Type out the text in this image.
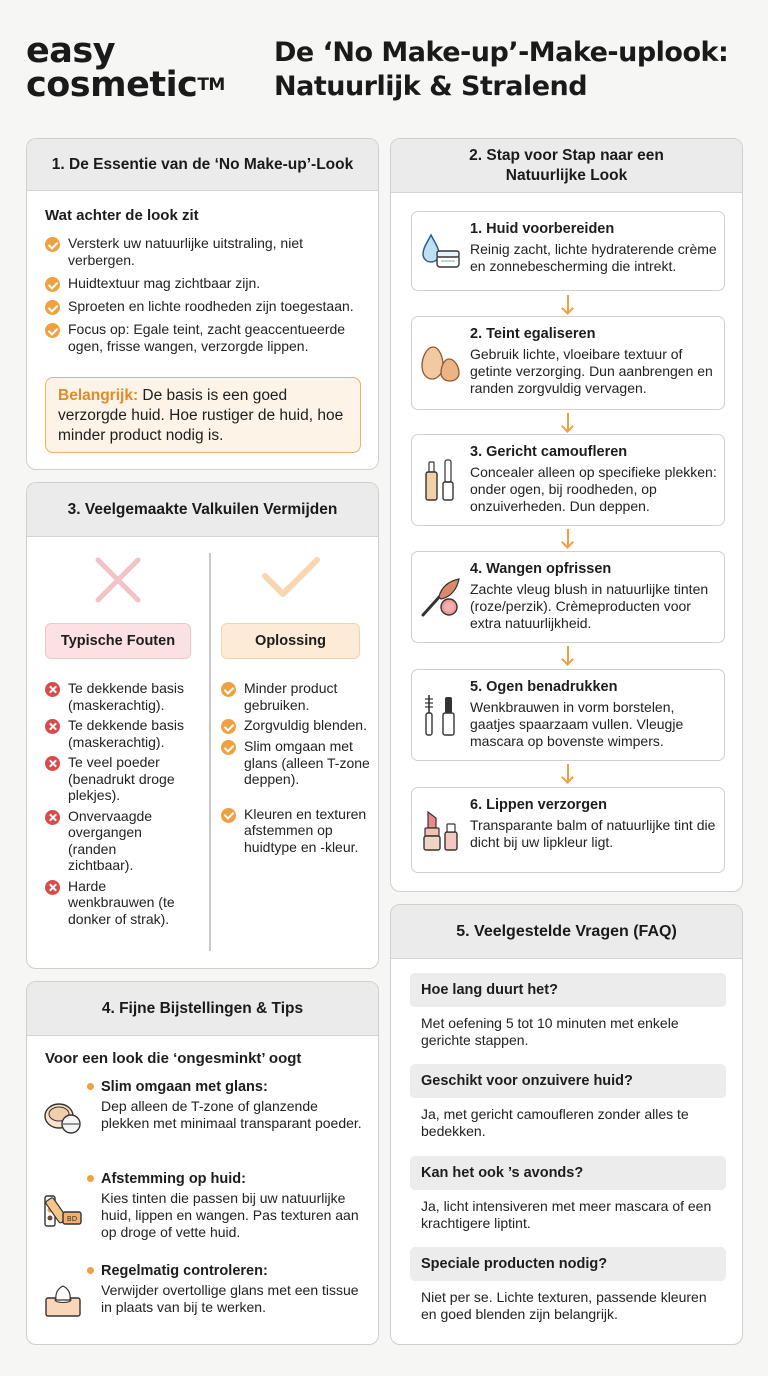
easy
cosmetic™
De ‘No Make-up’-Make-uplook:
Natuurlijk & Stralend
1. De Essentie van de ‘No Make-up’-Look
Wat achter de look zit
Versterk uw natuurlijke uitstraling, niet verbergen.
Huidtextuur mag zichtbaar zijn.
Sproeten en lichte roodheden zijn toegestaan.
Focus op: Egale teint, zacht geaccentueerde ogen, frisse wangen, verzorgde lippen.
Belangrijk: De basis is een goed verzorgde huid. Hoe rustiger de huid, hoe minder product nodig is.
3. Veelgemaakte Valkuilen Vermijden
Typische Fouten	Oplossing
Te dekkende basis (maskerachtig).
Te dekkende basis (maskerachtig).
Te veel poeder (benadrukt droge plekjes).
Onvervaagde overgangen (randen zichtbaar).
Harde wenkbrauwen (te donker of strak).
Minder product gebruiken.
Zorgvuldig blenden.
Slim omgaan met glans (alleen T-zone deppen).
Kleuren en texturen afstemmen op huidtype en -kleur.
4. Fijne Bijstellingen & Tips
Voor een look die ‘ongesminkt’ oogt
Slim omgaan met glans:
Dep alleen de T-zone of glanzende plekken met minimaal transparant poeder.
BD
Afstemming op huid:
Kies tinten die passen bij uw natuurlijke huid, lippen en wangen. Pas texturen aan op droge of vette huid.
Regelmatig controleren:
Verwijder overtollige glans met een tissue in plaats van bij te werken.
2. Stap voor Stap naar een
Natuurlijke Look
1. Huid voorbereiden
Reinig zacht, lichte hydraterende crème en zonnebescherming die intrekt.
2. Teint egaliseren
Gebruik lichte, vloeibare textuur of getinte verzorging. Dun aanbrengen en randen zorgvuldig vervagen.
3. Gericht camoufleren
Concealer alleen op specifieke plekken: onder ogen, bij roodheden, op onzuiverheden. Dun deppen.
4. Wangen opfrissen
Zachte vleug blush in natuurlijke tinten (roze/perzik). Crèmeproducten voor extra natuurlijkheid.
5. Ogen benadrukken
Wenkbrauwen in vorm borstelen, gaatjes spaarzaam vullen. Vleugje mascara op bovenste wimpers.
6. Lippen verzorgen
Transparante balm of natuurlijke tint die dicht bij uw lipkleur ligt.
5. Veelgestelde Vragen (FAQ)
Hoe lang duurt het?
Met oefening 5 tot 10 minuten met enkele gerichte stappen.
Geschikt voor onzuivere huid?
Ja, met gericht camoufleren zonder alles te bedekken.
Kan het ook ’s avonds?
Ja, licht intensiveren met meer mascara of een krachtigere liptint.
Speciale producten nodig?
Niet per se. Lichte texturen, passende kleuren en goed blenden zijn belangrijk.
